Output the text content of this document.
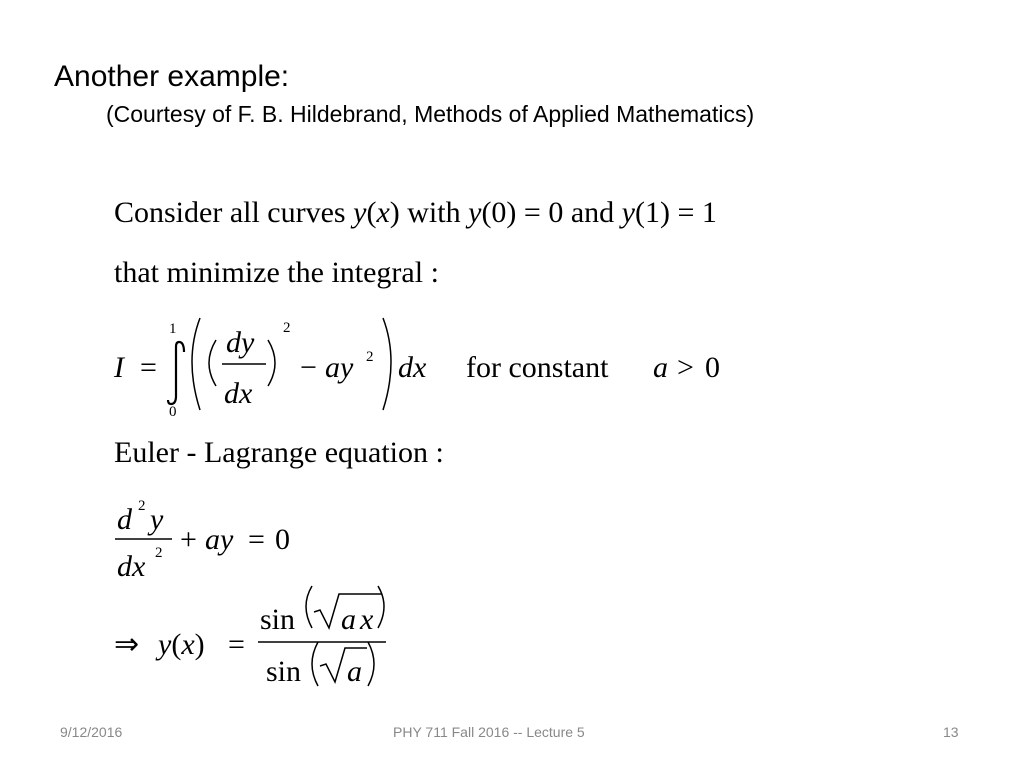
Another example:
(Courtesy of F. B. Hildebrand, Methods of Applied Mathematics)
Consider all curves y(x) with y(0) = 0 and y(1) = 1
that minimize the integral :
I =
1
0
dy
dx
2
− ay 2 dx for constant a > 0
Euler - Lagrange equation :
d 2 y
dx 2 + ay = 0
⇒ y(x) =
sin a x
sin a
9/12/2016	PHY 711 Fall 2016 -- Lecture 5	13
